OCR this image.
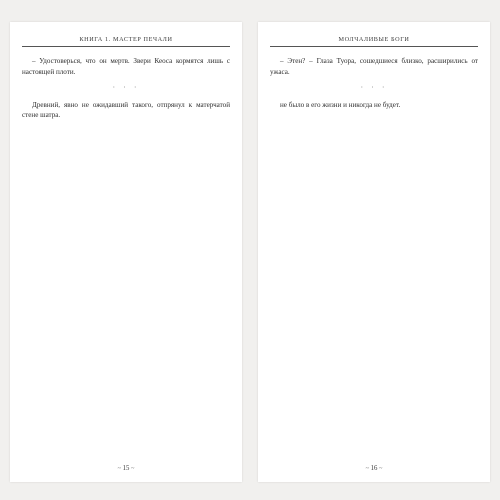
КНИГА 1. МАСТЕР ПЕЧАЛИ

– Удостоверься, что он мертв. Звери Кеоса кормятся лишь с настоящей плоти.

· · ·

Древний, явно не ожидавший такого, отпрянул к матерчатой стене шатра.

~ 15 ~
МОЛЧАЛИВЫЕ БОГИ

– Этен? – Глаза Туора, сошедшиеся близко, расширились от ужаса.

· · ·

не было в его жизни и никогда не будет.

~ 16 ~
